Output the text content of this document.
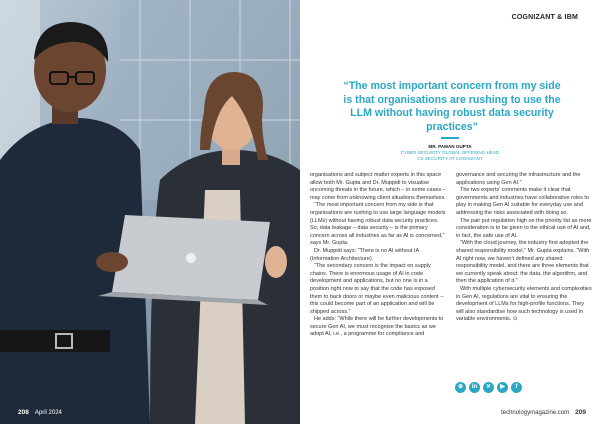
208 April 2024
COGNIZANT & IBM
“The most important concern from my side is that organisations are rushing to use the LLM without having robust data security practices”
MR. PAWAN GUPTA
CYBER SECURITY GLOBAL OFFERING HEAD
CS SECURITY AT COGNIZANT

organisations and subject matter experts in this space allow both Mr. Gupta and Dr. Muppidi to visualise oncoming threats in the future, which – in some cases – may come from unknowing client situations themselves.

“The most important concern from my side is that organisations are rushing to use large language models (LLMs) without having robust data security practices. So, data leakage – data security – is the primary concern across all industries as far as AI is concerned,” says Mr. Gupta.

Dr. Muppidi says: “There is no AI without IA (Information Architecture).

“The secondary concern is the impact on supply chains. There is enormous usage of AI in code development and applications, but no one is in a position right now to say that the code has exposed them to back doors or maybe even malicious content – this could become part of an application and will be shipped across.”

He adds: “While there will be further developments to secure Gen AI, we must recognise the basics as we adopt AI, i.e., a programme for compliance and

governance and securing the infrastructure and the applications using Gen AI.”

The two experts’ comments make it clear that governments and industries have collaborative roles to play in making Gen AI suitable for everyday use and addressing the risks associated with doing so.

The pair put regulation high on the priority list as more consideration is to be given to the ethical use of AI and, in fact, the safe use of AI.

“With the cloud journey, the industry first adopted the shared responsibility model,” Mr. Gupta explains. “With AI right now, we haven’t defined any shared responsibility model, and there are three elements that we currently speak about: the data, the algorithm, and then the application of it.”

With multiple cybersecurity elements and complexities in Gen AI, regulations are vital to ensuring the development of LLMs for high-profile functions. They will also standardise how such technology is used in variable environments. ⊙

⊕	in	✕	▶	f
technologymagazine.com 209
